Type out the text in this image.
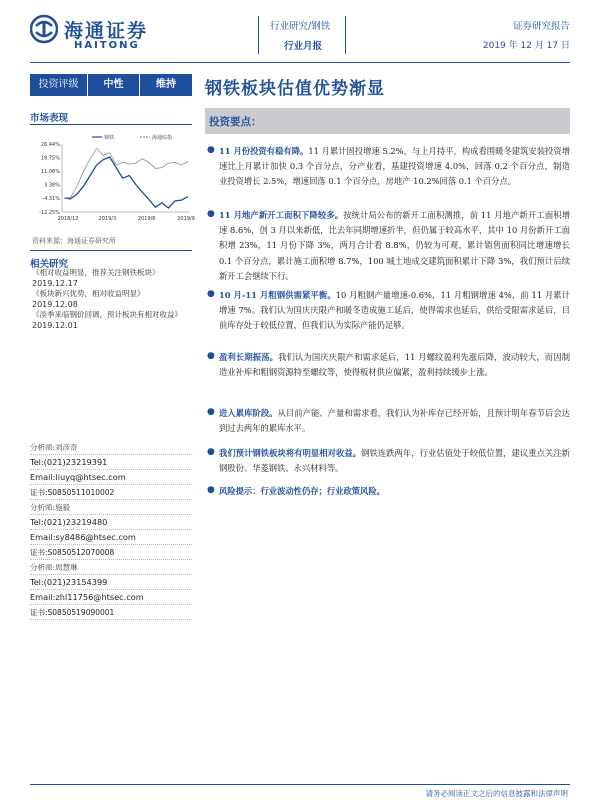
海通证券
HAITONG
行业研究/钢铁
行业月报
证券研究报告
2019 年 12 月 17 日
投资评级	中性	维持	钢铁板块估值优势渐显
市场表现
26.44%
18.75%
11.06%
3.38%
-4.31%
-12.25%
2018/12	2019/3	2019/6	2019/9
钢铁	海通综指
资料来源：海通证券研究所
相关研究
《相对收益明显，推荐关注钢铁板块》
2019.12.17
《板块新兴优势，相对收益明显》
2019.12.08
《淡季来临钢价回调，预计板块有相对收益》
2019.12.01
分析师:刘彦奇
Tel:(021)23219391
Email:liuyq@htsec.com
证书:S0850511010002
分析师:施毅
Tel:(021)23219480
Email:sy8486@htsec.com
证书:S0850512070008
分析师:周慧琳
Tel:(021)23154399
Email:zhl11756@htsec.com
证书:S0850519090001
投资要点：
● 11 月份投资有稳有降。11 月累计固投增速 5.2%，与上月持平，构成看围暖冬建筑安装投资增速比上月累计加快 0.3 个百分点，分产业看，基建投资增速 4.0%，回落 0.2 个百分点，制造业投资增长 2.5%，增速回落 0.1 个百分点，房地产 10.2%回落 0.1 个百分点。
● 11 月地产新开工面积下降较多。按统计局公布的新开工面积测推，前 11 月地产新开工面积增速 8.6%，创 3 月以来新低，比去年同期增速折半，但仍属于较高水平，其中 10 月份新开工面积增 23%，11 月份下降 3%，两月合计看 8.8%，仍较为可观，累计销售面积同比增速增长 0.1 个百分点，累计施工面积增 8.7%，100 城土地成交建筑面积累计下降 3%，我们预计后续新开工会继续下行。
● 10 月-11 月粗钢供需紧平衡。10 月粗钢产量增速-0.6%，11 月粗钢增速 4%，前 11 月累计增速 7%。我们认为国庆庆限产和暖冬造成施工延后，使得需求也延后，供给受限需求延后，目前库存处于较低位置，但我们认为实际产能仍足够。
● 盈利长期振荡。我们认为国庆庆限产和需求延后，11 月螺纹盈利先涨后降，波动较大，而因制造业补库和粗钢资源特至螺纹等，使得板材供应偏紧，盈利持续缓步上涨。
● 进入累库阶段。从目前产能、产量和需求看，我们认为补库存已经开始，且预计明年春节后会达到过去两年的累库水平。
● 我们预计钢铁板块将有明显相对收益。钢铁连跌两年，行业估值处于较低位置，建议重点关注新钢股份、华菱钢铁、永兴材料等。
● 风险提示：行业波动性仍存；行业政策风险。
请务必阅读正文之后的信息披露和法律声明
